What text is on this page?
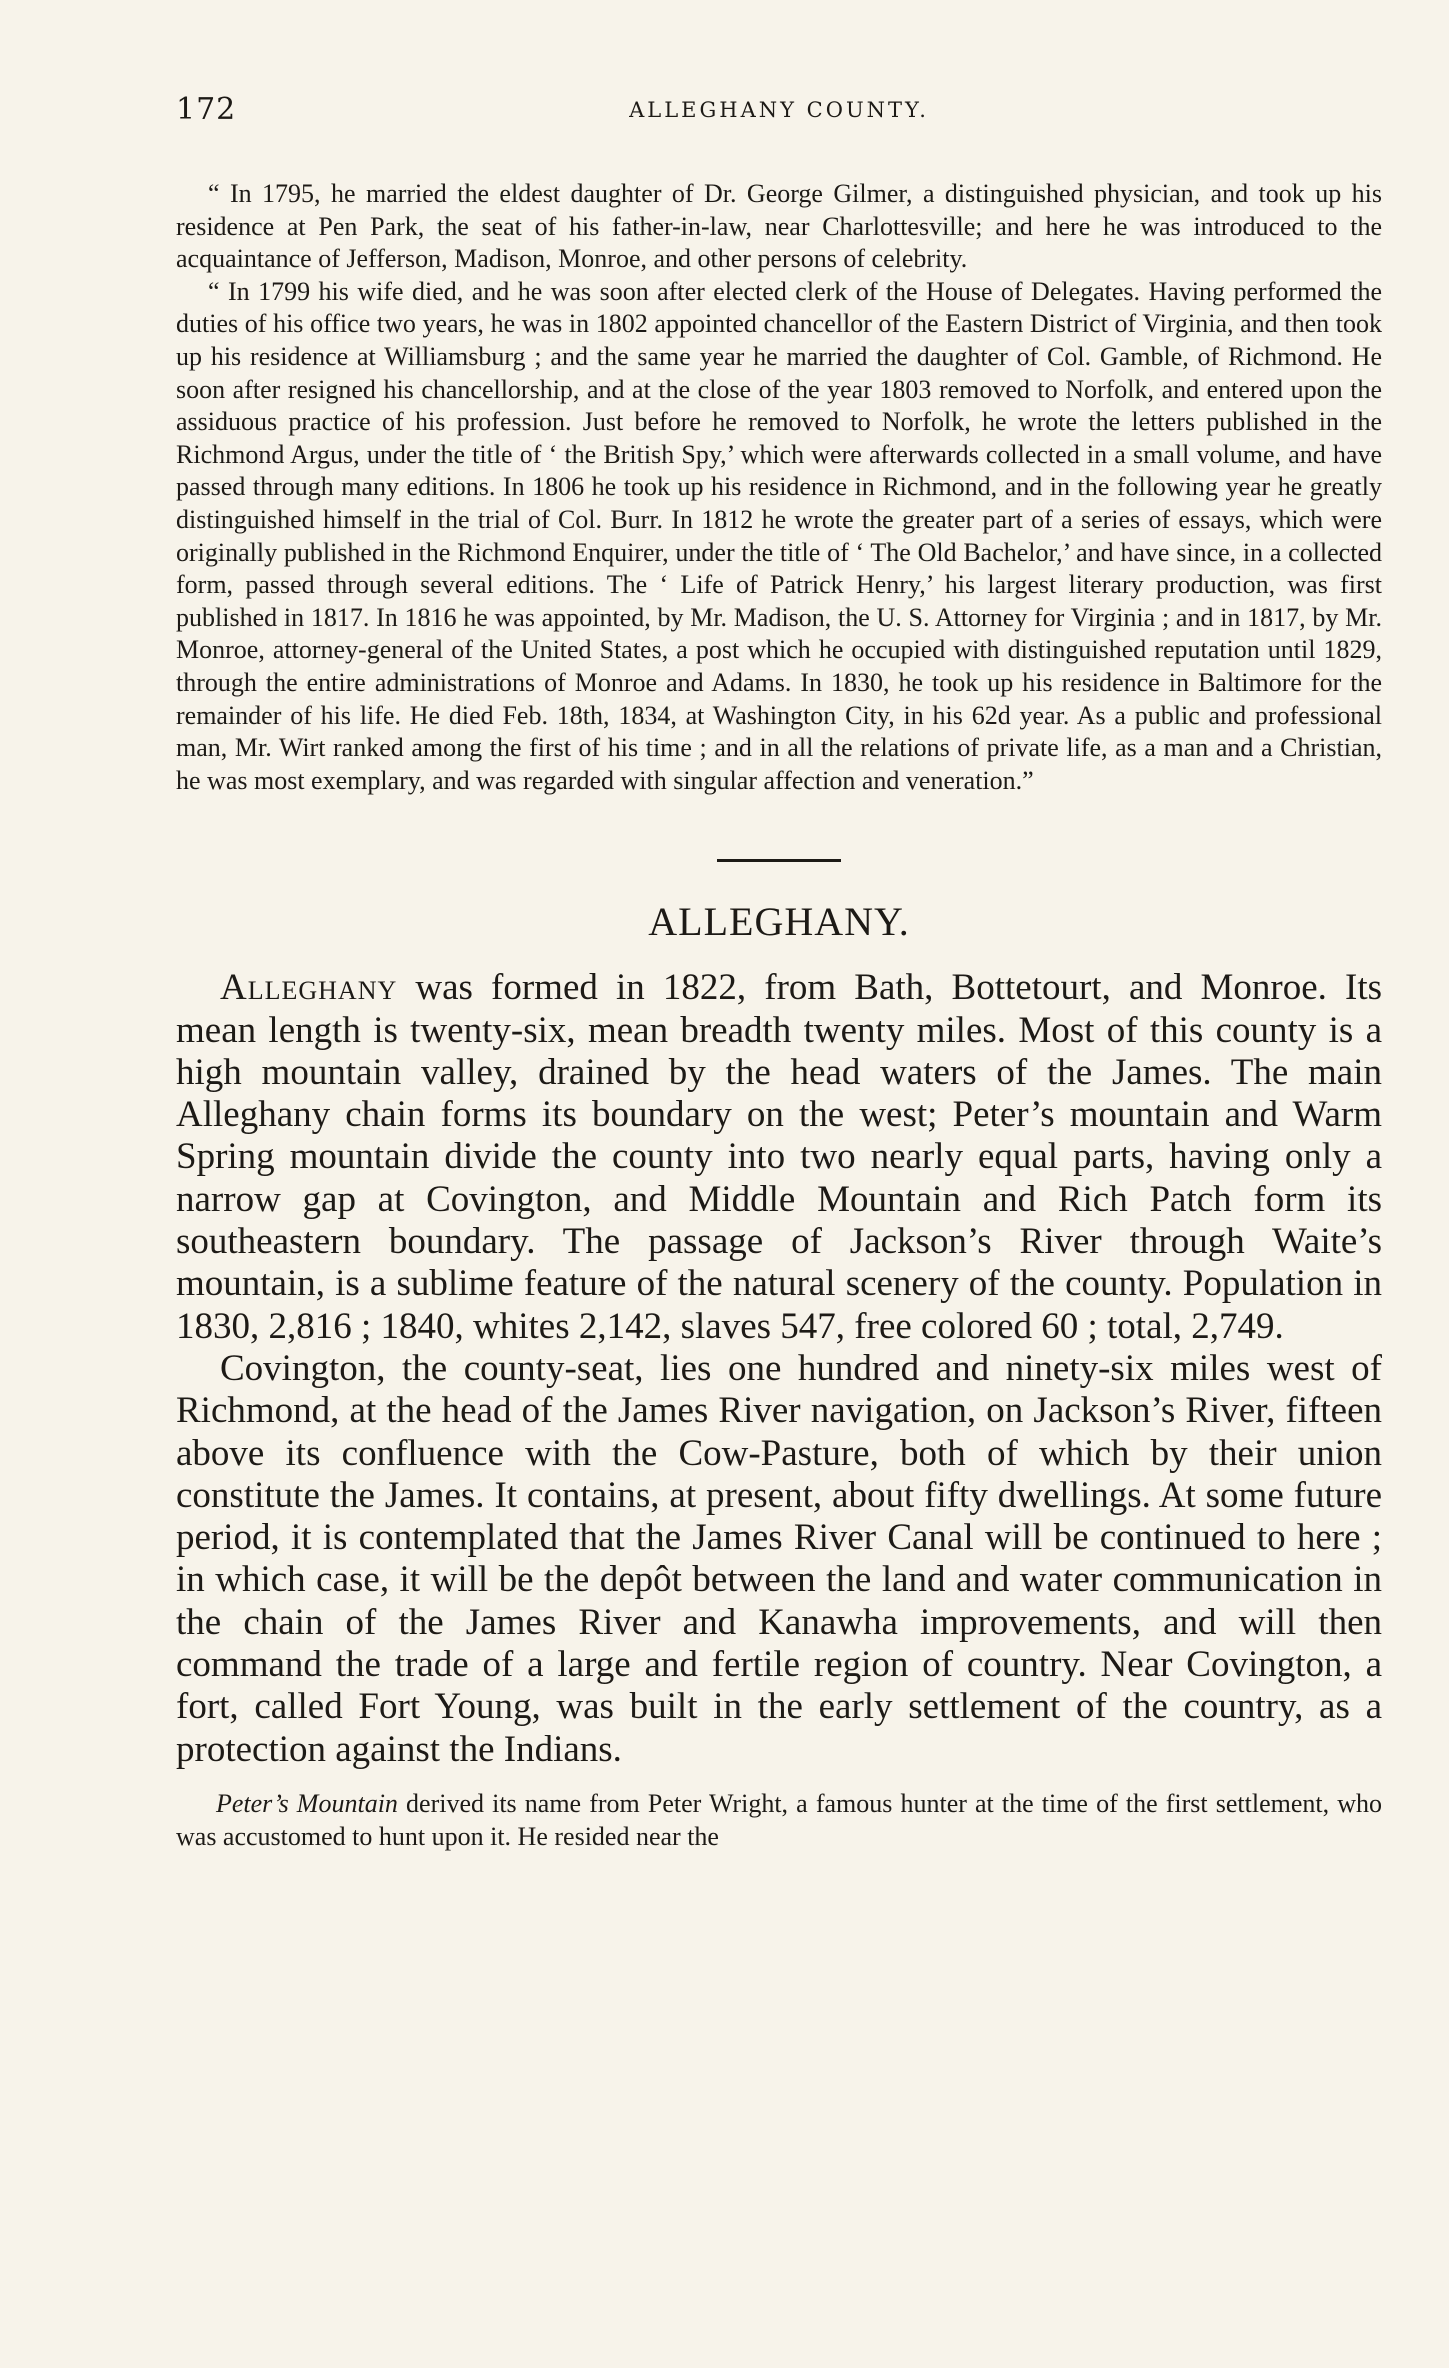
172	ALLEGHANY COUNTY.

“ In 1795, he married the eldest daughter of Dr. George Gilmer, a distinguished physician, and took up his residence at Pen Park, the seat of his father-in-law, near Charlottesville; and here he was introduced to the acquaintance of Jefferson, Madison, Monroe, and other persons of celebrity.

“ In 1799 his wife died, and he was soon after elected clerk of the House of Delegates. Having performed the duties of his office two years, he was in 1802 appointed chancellor of the Eastern District of Virginia, and then took up his residence at Williamsburg ; and the same year he married the daughter of Col. Gamble, of Richmond. He soon after resigned his chancellorship, and at the close of the year 1803 removed to Norfolk, and entered upon the assiduous practice of his profession. Just before he removed to Norfolk, he wrote the letters published in the Richmond Argus, under the title of ‘ the British Spy,’ which were afterwards collected in a small volume, and have passed through many editions. In 1806 he took up his residence in Richmond, and in the following year he greatly distinguished himself in the trial of Col. Burr. In 1812 he wrote the greater part of a series of essays, which were originally published in the Richmond Enquirer, under the title of ‘ The Old Bachelor,’ and have since, in a collected form, passed through several editions. The ‘ Life of Patrick Henry,’ his largest literary production, was first published in 1817. In 1816 he was appointed, by Mr. Madison, the U. S. Attorney for Virginia ; and in 1817, by Mr. Monroe, attorney-general of the United States, a post which he occupied with distinguished reputation until 1829, through the entire administrations of Monroe and Adams. In 1830, he took up his residence in Baltimore for the remainder of his life. He died Feb. 18th, 1834, at Washington City, in his 62d year. As a public and professional man, Mr. Wirt ranked among the first of his time ; and in all the relations of private life, as a man and a Christian, he was most exemplary, and was regarded with singular affection and veneration.”

ALLEGHANY.

Alleghany was formed in 1822, from Bath, Bottetourt, and Monroe. Its mean length is twenty-six, mean breadth twenty miles. Most of this county is a high mountain valley, drained by the head waters of the James. The main Alleghany chain forms its boundary on the west; Peter’s mountain and Warm Spring mountain divide the county into two nearly equal parts, having only a narrow gap at Covington, and Middle Mountain and Rich Patch form its southeastern boundary. The passage of Jackson’s River through Waite’s mountain, is a sublime feature of the natural scenery of the county. Population in 1830, 2,816 ; 1840, whites 2,142, slaves 547, free colored 60 ; total, 2,749.

Covington, the county-seat, lies one hundred and ninety-six miles west of Richmond, at the head of the James River navigation, on Jackson’s River, fifteen above its confluence with the Cow-Pasture, both of which by their union constitute the James. It contains, at present, about fifty dwellings. At some future period, it is contemplated that the James River Canal will be continued to here ; in which case, it will be the depôt between the land and water communication in the chain of the James River and Kanawha improvements, and will then command the trade of a large and fertile region of country. Near Covington, a fort, called Fort Young, was built in the early settlement of the country, as a protection against the Indians.

Peter’s Mountain derived its name from Peter Wright, a famous hunter at the time of the first settlement, who was accustomed to hunt upon it. He resided near the
